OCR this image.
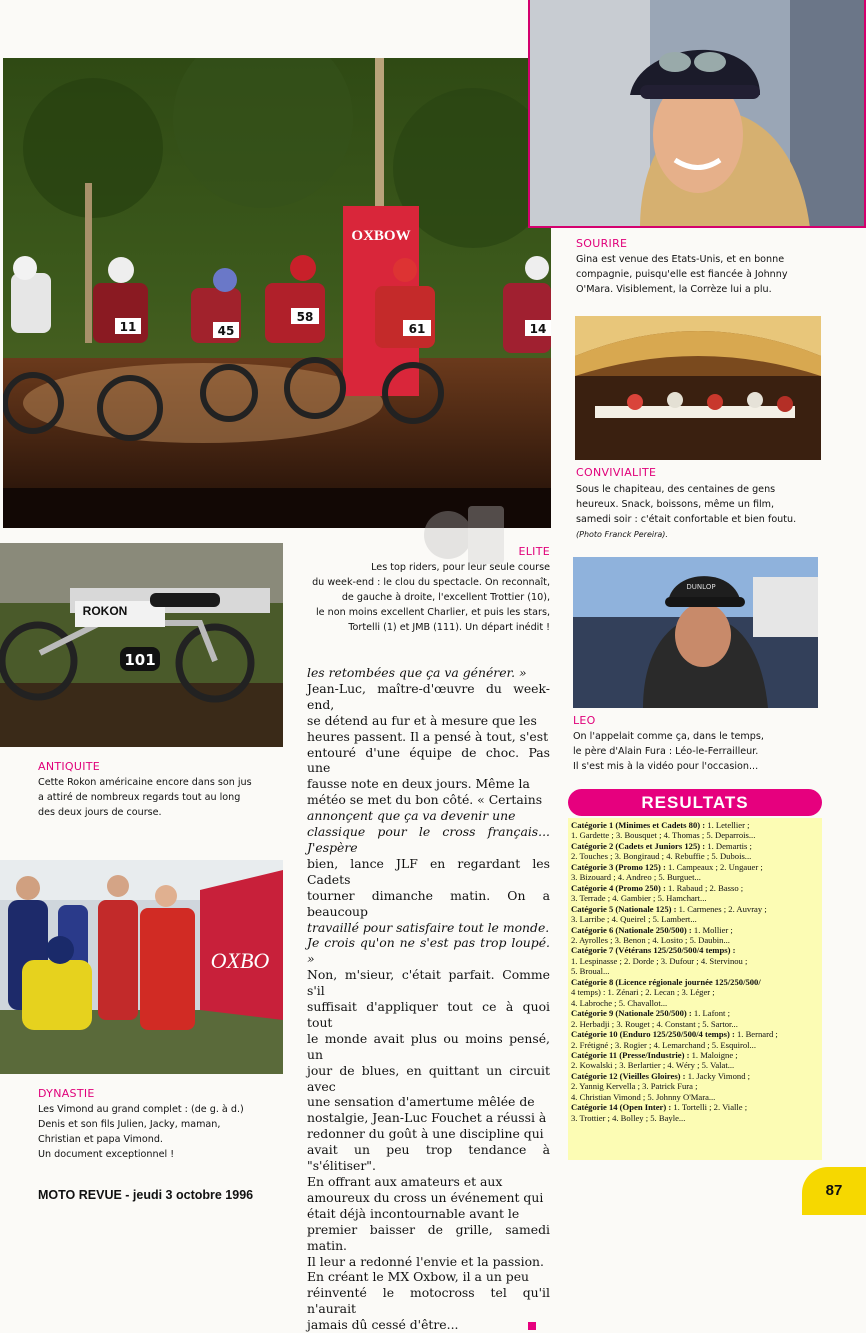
OXBOW
11	45
58
61	14
DUNLOP
ROKON
101
OXBO
SOURIRE

Gina est venue des Etats-Unis, et en bonne

compagnie, puisqu'elle est fiancée à Johnny

O'Mara. Visiblement, la Corrèze lui a plu.

CONVIVIALITE

Sous le chapiteau, des centaines de gens

heureux. Snack, boissons, même un film,

samedi soir : c'était confortable et bien foutu.

(Photo Franck Pereira).

ELITE

Les top riders, pour leur seule course

du week-end : le clou du spectacle. On reconnaît,

de gauche à droite, l'excellent Trottier (10),

le non moins excellent Charlier, et puis les stars,

Tortelli (1) et JMB (111). Un départ inédit !

LEO

On l'appelait comme ça, dans le temps,

le père d'Alain Fura : Léo-le-Ferrailleur.

Il s'est mis à la vidéo pour l'occasion...

ANTIQUITE

Cette Rokon américaine encore dans son jus

a attiré de nombreux regards tout au long

des deux jours de course.

DYNASTIE

Les Vimond au grand complet : (de g. à d.)

Denis et son fils Julien, Jacky, maman,

Christian et papa Vimond.

Un document exceptionnel !

les retombées que ça va générer. »

Jean-Luc, maître-d'œuvre du week-end,

se détend au fur et à mesure que les

heures passent. Il a pensé à tout, s'est

entouré d'une équipe de choc. Pas une

fausse note en deux jours. Même la

météo se met du bon côté. « Certains

annonçent que ça va devenir une

classique pour le cross français... J'espère

bien, lance JLF en regardant les Cadets

tourner dimanche matin. On a beaucoup

travaillé pour satisfaire tout le monde.

Je crois qu'on ne s'est pas trop loupé. »

Non, m'sieur, c'était parfait. Comme s'il

suffisait d'appliquer tout ce à quoi tout

le monde avait plus ou moins pensé, un

jour de blues, en quittant un circuit avec

une sensation d'amertume mêlée de

nostalgie, Jean-Luc Fouchet a réussi à

redonner du goût à une discipline qui

avait un peu trop tendance à "s'élitiser".

En offrant aux amateurs et aux

amoureux du cross un événement qui

était déjà incontournable avant le

premier baisser de grille, samedi matin.

Il leur a redonné l'envie et la passion.

En créant le MX Oxbow, il a un peu

réinventé le motocross tel qu'il n'aurait

jamais dû cessé d'être...

RESULTATS

Catégorie 1 (Minimes et Cadets 80) : 1. Letellier ;

1. Gardette ; 3. Bousquet ; 4. Thomas ; 5. Deparrois...

Catégorie 2 (Cadets et Juniors 125) : 1. Demartis ;

2. Touches ; 3. Bongiraud ; 4. Rebuffie ; 5. Dubois...

Catégorie 3 (Promo 125) : 1. Campeaux ; 2. Ungauer ;

3. Bizouard ; 4. Andreo ; 5. Burguet...

Catégorie 4 (Promo 250) : 1. Rabaud ; 2. Basso ;

3. Terrade ; 4. Gambier ; 5. Hamchart...

Catégorie 5 (Nationale 125) : 1. Carmenes ; 2. Auvray ;

3. Larribe ; 4. Queirel ; 5. Lambert...

Catégorie 6 (Nationale 250/500) : 1. Mollier ;

2. Ayrolles ; 3. Benon ; 4. Losito ; 5. Daubin...

Catégorie 7 (Vétérans 125/250/500/4 temps) :

1. Lespinasse ; 2. Dorde ; 3. Dufour ; 4. Stervinou ;

5. Broual...

Catégorie 8 (Licence régionale journée 125/250/500/

4 temps) : 1. Zénari ; 2. Lecan ; 3. Léger ;

4. Labroche ; 5. Chavallot...

Catégorie 9 (Nationale 250/500) : 1. Lafont ;

2. Herbadji ; 3. Rouget ; 4. Constant ; 5. Sartor...

Catégorie 10 (Enduro 125/250/500/4 temps) : 1. Bernard ;

2. Frétigné ; 3. Rogier ; 4. Lemarchand ; 5. Esquirol...

Catégorie 11 (Presse/Industrie) : 1. Maloigne ;

2. Kowalski ; 3. Berlartier ; 4. Wéry ; 5. Valat...

Catégorie 12 (Vieilles Gloires) : 1. Jacky Vimond ;

2. Yannig Kervella ; 3. Patrick Fura ;

4. Christian Vimond ; 5. Johnny O'Mara...

Catégorie 14 (Open Inter) : 1. Tortelli ; 2. Vialle ;

3. Trottier ; 4. Bolley ; 5. Bayle...

MOTO REVUE - jeudi 3 octobre 1996	87
